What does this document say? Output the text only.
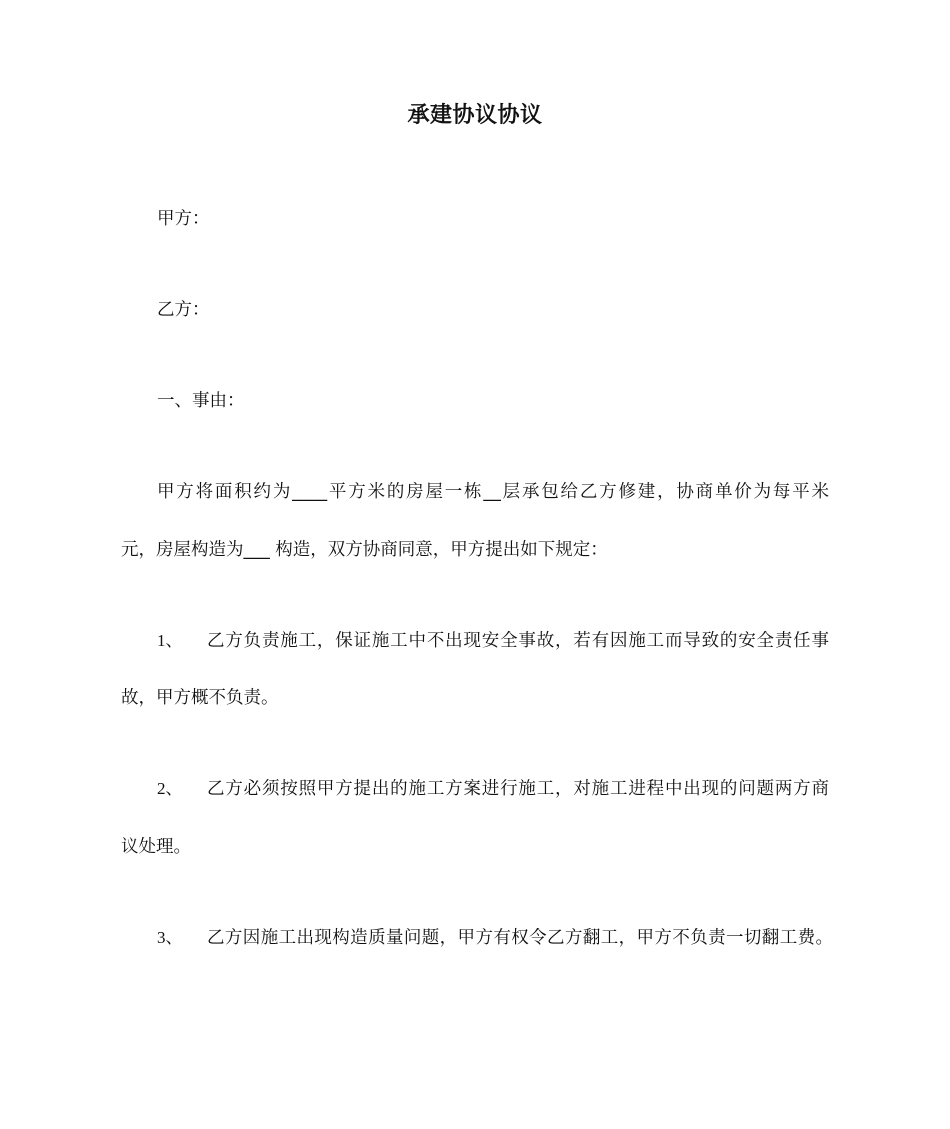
承建协议协议
甲方：
乙方：
一、事由：
甲方将面积约为____平方米的房屋一栋__层承包给乙方修建，协商单价为每平米
元，房屋构造为___ 构造，双方协商同意，甲方提出如下规定：
1、 乙方负责施工，保证施工中不出现安全事故，若有因施工而导致的安全责任事
故，甲方概不负责。
2、 乙方必须按照甲方提出的施工方案进行施工，对施工进程中出现的问题两方商
议处理。
3、 乙方因施工出现构造质量问题，甲方有权令乙方翻工，甲方不负责一切翻工费。
